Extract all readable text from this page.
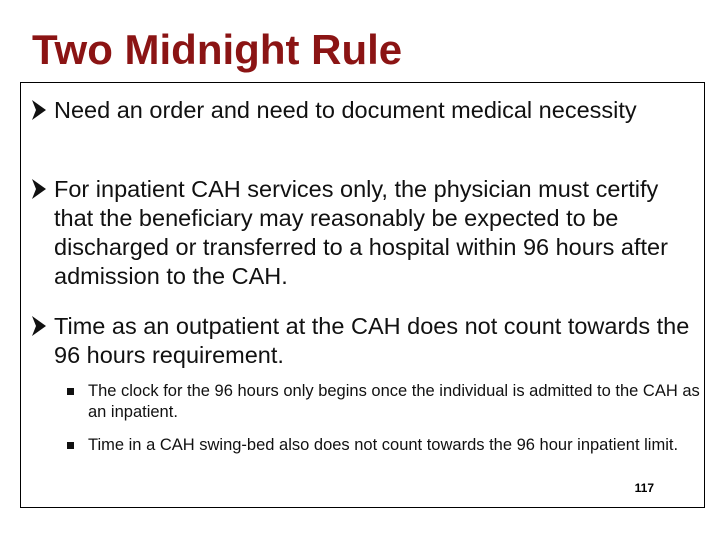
Two Midnight Rule
Need an order and need to document medical necessity
For inpatient CAH services only, the physician must certify that the beneficiary may reasonably be expected to be discharged or transferred to a hospital within 96 hours after admission to the CAH.
Time as an outpatient at the CAH does not count towards the 96 hours requirement.
The clock for the 96 hours only begins once the individual is admitted to the CAH as an inpatient.
Time in a CAH swing-bed also does not count towards the 96 hour inpatient limit.
117
